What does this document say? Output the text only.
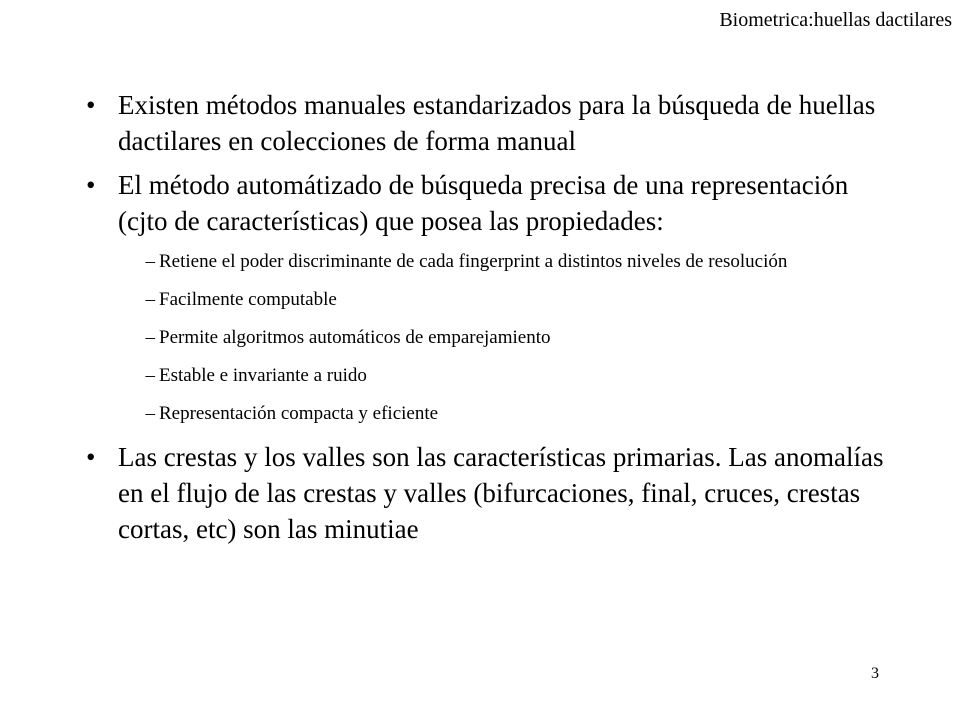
Biometrica:huellas dactilares
• Existen métodos manuales estandarizados para la búsqueda de huellas dactilares en colecciones de forma manual
• El método automátizado de búsqueda precisa de una representación (cjto de características) que posea las propiedades:
– Retiene el poder discriminante de cada fingerprint a distintos niveles de resolución
– Facilmente computable
– Permite algoritmos automáticos de emparejamiento
– Estable e invariante a ruido
– Representación compacta y eficiente
• Las crestas y los valles son las características primarias. Las anomalías en el flujo de las crestas y valles (bifurcaciones, final, cruces, crestas cortas, etc) son las minutiae
3
